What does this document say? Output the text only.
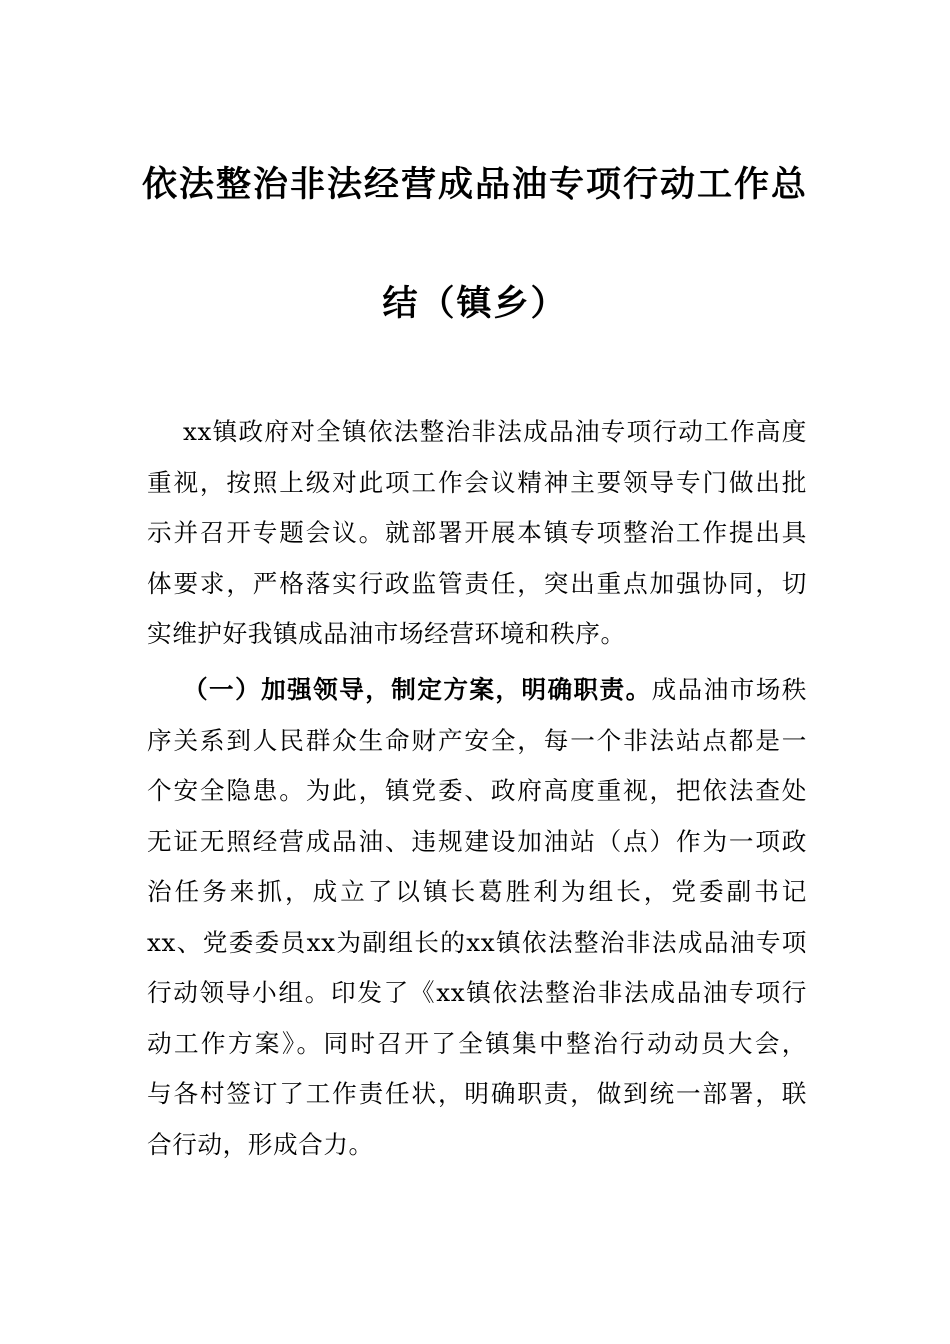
依法整治非法经营成品油专项行动工作总
结（镇乡）
xx镇政府对全镇依法整治非法成品油专项行动工作高度
重视，按照上级对此项工作会议精神主要领导专门做出批
示并召开专题会议。就部署开展本镇专项整治工作提出具
体要求，严格落实行政监管责任，突出重点加强协同，切
实维护好我镇成品油市场经营环境和秩序。
（一）加强领导，制定方案，明确职责。成品油市场秩
序关系到人民群众生命财产安全，每一个非法站点都是一
个安全隐患。为此，镇党委、政府高度重视，把依法查处
无证无照经营成品油、违规建设加油站（点）作为一项政
治任务来抓，成立了以镇长葛胜利为组长，党委副书记
xx、党委委员xx为副组长的xx镇依法整治非法成品油专项
行动领导小组。印发了《xx镇依法整治非法成品油专项行
动工作方案》。同时召开了全镇集中整治行动动员大会，
与各村签订了工作责任状，明确职责，做到统一部署，联
合行动，形成合力。
